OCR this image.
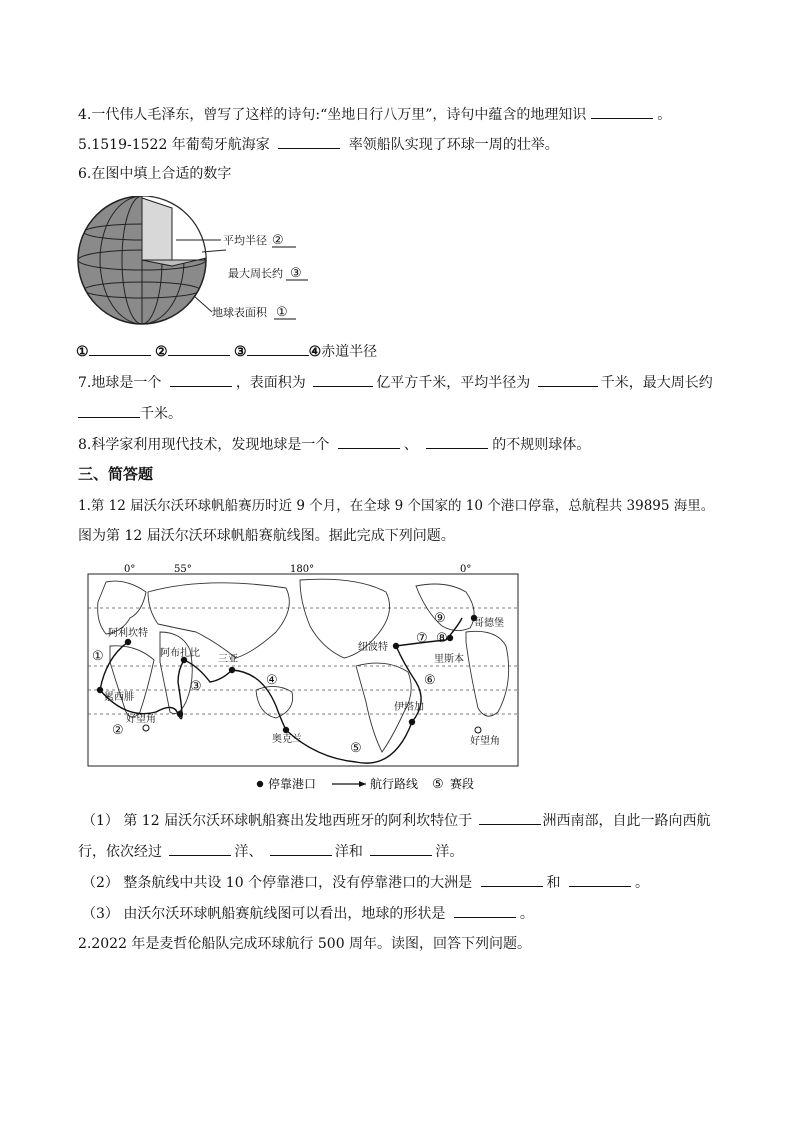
4.一代伟人毛泽东，曾写了这样的诗句:“坐地日行八万里”，诗句中蕴含的地理知识	。
5.1519-1522 年葡萄牙航海家	率领船队实现了环球一周的壮举。
6.在图中填上合适的数字
平均半径 ②
最大周长约 ③
地球表面积 ①
①	②	③	④赤道半径
7.地球是一个	，表面积为	亿平方千米，平均半径为	千米，最大周长约
千米。
8.科学家利用现代技术，发现地球是一个	、	的不规则球体。
三、简答题
1.第 12 届沃尔沃环球帆船赛历时近 9 个月，在全球 9 个国家的 10 个港口停靠，总航程共 39895 海里。
图为第 12 届沃尔沃环球帆船赛航线图。据此完成下列问题。
0°	55°	180°	0°
阿利坎特
累西腓
阿布扎比
三亚
奥克兰
伊塔加
纽波特
里斯本
哥德堡
好望角
好望角
①
②
③	④
⑤
⑥
⑦ ⑧
⑨
停靠港口	航行路线 ⑤ 赛段
（1） 第 12 届沃尔沃环球帆船赛出发地西班牙的阿利坎特位于	洲西南部，自此一路向西航
行，依次经过	洋、	洋和	洋。
（2） 整条航线中共设 10 个停靠港口，没有停靠港口的大洲是	和	。
（3） 由沃尔沃环球帆船赛航线图可以看出，地球的形状是	。
2.2022 年是麦哲伦船队完成环球航行 500 周年。读图，回答下列问题。
